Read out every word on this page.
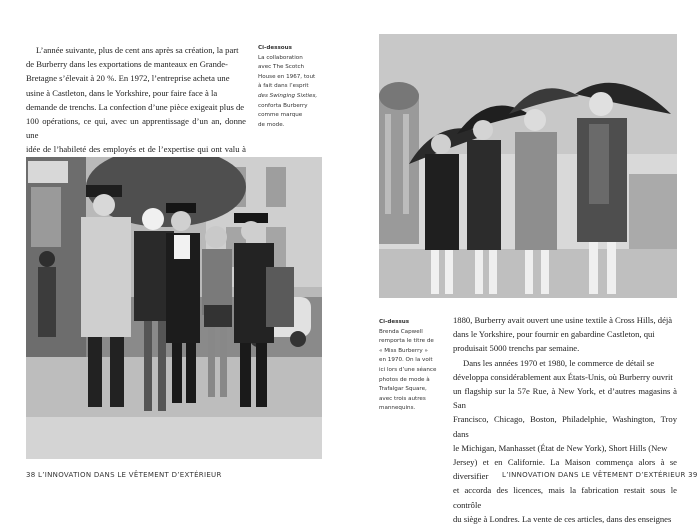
L’année suivante, plus de cent ans après sa création, la part
de Burberry dans les exportations de manteaux en Grande-
Bretagne s’élevait à 20 %. En 1972, l’entreprise acheta une
usine à Castleton, dans le Yorkshire, pour faire face à la
demande de trenchs. La confection d’une pièce exigeait plus de
100 opérations, ce qui, avec un apprentissage d’un an, donne une
idée de l’habileté des employés et de l’expertise qui ont valu à
Ci-dessous
La collaboration
avec The Scotch
House en 1967, tout
à fait dans l’esprit
des Swinging Sixties,
conforta Burberry
comme marque
de mode.
38 L’INNOVATION DANS LE VÊTEMENT D’EXTÉRIEUR
Ci-dessus
Brenda Capwell
remporta le titre de
« Miss Burberry »
en 1970. On la voit
ici lors d’une séance
photos de mode à
Trafalgar Square,
avec trois autres
mannequins.
1880, Burberry avait ouvert une usine textile à Cross Hills, déjà
dans le Yorkshire, pour fournir en gabardine Castleton, qui
produisait 5000 trenchs par semaine.
Dans les années 1970 et 1980, le commerce de détail se
développa considérablement aux États-Unis, où Burberry ouvrit
un flagship sur la 57e Rue, à New York, et d’autres magasins à San
Francisco, Chicago, Boston, Philadelphie, Washington, Troy dans
le Michigan, Manhasset (État de New York), Short Hills (New
Jersey) et en Californie. La Maison commença alors à se diversifier
et accorda des licences, mais la fabrication restait sous le contrôle
du siège à Londres. La vente de ces articles, dans des enseignes
L’INNOVATION DANS LE VÊTEMENT D’EXTÉRIEUR 39
